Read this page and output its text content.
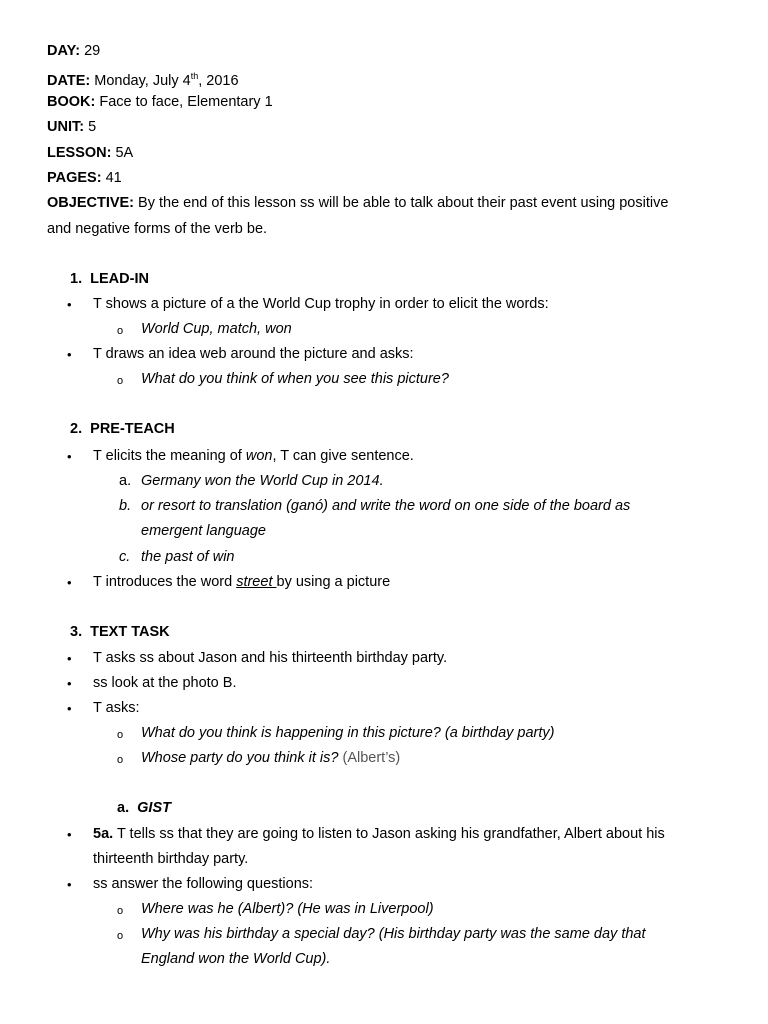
DAY: 29
DATE: Monday, July 4th, 2016
BOOK: Face to face, Elementary 1
UNIT: 5
LESSON: 5A
PAGES: 41
OBJECTIVE: By the end of this lesson ss will be able to talk about their past event using positive
and negative forms of the verb be.
1. LEAD-IN
• T shows a picture of a the World Cup trophy in order to elicit the words:
o World Cup, match, won
• T draws an idea web around the picture and asks:
o What do you think of when you see this picture?
2. PRE-TEACH
• T elicits the meaning of won, T can give sentence.
a. Germany won the World Cup in 2014.
b. or resort to translation (ganó) and write the word on one side of the board as
emergent language
c. the past of win
• T introduces the word street by using a picture
3. TEXT TASK
• T asks ss about Jason and his thirteenth birthday party.
• ss look at the photo B.
• T asks:
o What do you think is happening in this picture? (a birthday party)
o Whose party do you think it is? (Albert’s)
a. GIST
• 5a. T tells ss that they are going to listen to Jason asking his grandfather, Albert about his
thirteenth birthday party.
• ss answer the following questions:
o Where was he (Albert)? (He was in Liverpool)
o Why was his birthday a special day? (His birthday party was the same day that
England won the World Cup).
